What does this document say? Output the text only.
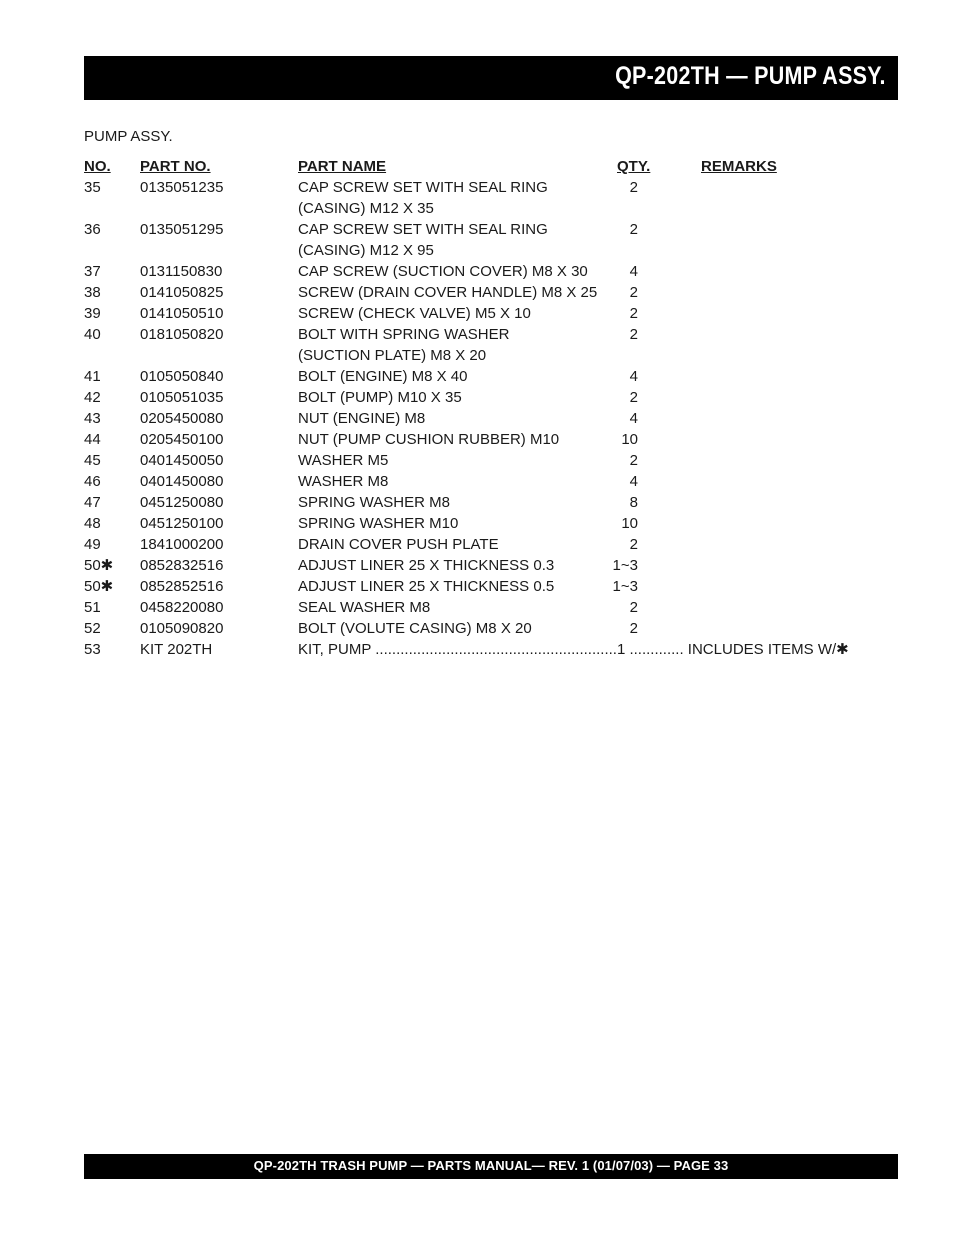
QP-202TH — PUMP ASSY.
PUMP ASSY.
NO. PART NO.	PART NAME	QTY.	REMARKS
35	0135051235	CAP SCREW SET WITH SEAL RING	2
(CASING) M12 X 35
36	0135051295	CAP SCREW SET WITH SEAL RING	2
(CASING) M12 X 95
37	0131150830	CAP SCREW (SUCTION COVER) M8 X 30	4
38	0141050825	SCREW (DRAIN COVER HANDLE) M8 X 25	2
39	0141050510	SCREW (CHECK VALVE) M5 X 10	2
40	0181050820	BOLT WITH SPRING WASHER	2
(SUCTION PLATE) M8 X 20
41	0105050840	BOLT (ENGINE) M8 X 40	4
42	0105051035	BOLT (PUMP) M10 X 35	2
43	0205450080	NUT (ENGINE) M8	4
44	0205450100	NUT (PUMP CUSHION RUBBER) M10	10
45	0401450050	WASHER M5	2
46	0401450080	WASHER M8	4
47	0451250080	SPRING WASHER M8	8
48	0451250100	SPRING WASHER M10	10
49	1841000200	DRAIN COVER PUSH PLATE	2
50✱ 0852832516	ADJUST LINER 25 X THICKNESS 0.3	1~3
50✱ 0852852516	ADJUST LINER 25 X THICKNESS 0.5	1~3
51	0458220080	SEAL WASHER M8	2
52	0105090820	BOLT (VOLUTE CASING) M8 X 20	2
53	KIT 202TH	KIT, PUMP ..........................................................1 ............. INCLUDES ITEMS W/✱
QP-202TH TRASH PUMP — PARTS MANUAL— REV. 1 (01/07/03) — PAGE 33
